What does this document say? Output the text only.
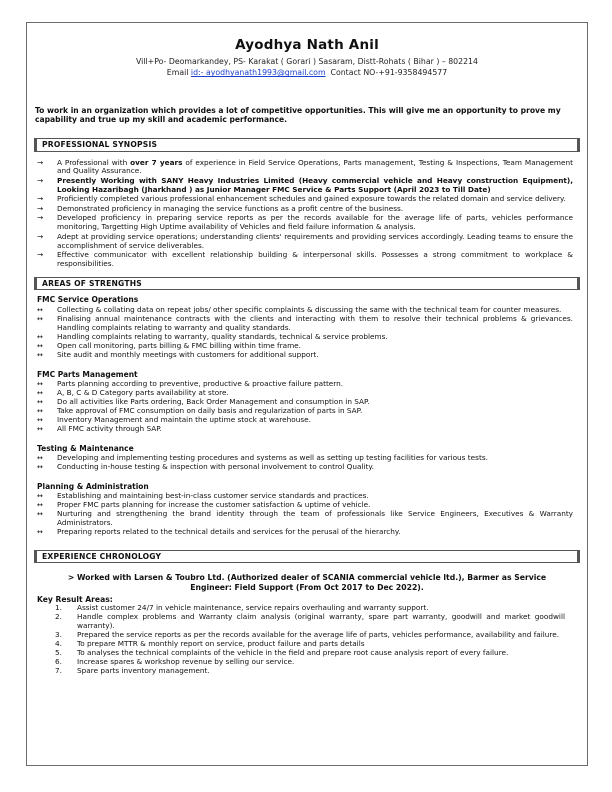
Ayodhya Nath Anil
Vill+Po- Deomarkandey, PS- Karakat ( Gorari ) Sasaram, Distt-Rohats ( Bihar ) – 802214
Email id:- ayodhyanath1993@gmail.com Contact NO-+91-9358494577
To work in an organization which provides a lot of competitive opportunities. This will give me an opportunity to prove my capability and true up my skill and academic performance.
PROFESSIONAL SYNOPSIS
→ A Professional with over 7 years of experience in Field Service Operations, Parts management, Testing & Inspections, Team Management and Quality Assurance.
→ Presently Working with SANY Heavy Industries Limited (Heavy commercial vehicle and Heavy construction Equipment), Looking Hazaribagh (Jharkhand ) as Junior Manager FMC Service & Parts Support (April 2023 to Till Date)
→ Proficiently completed various professional enhancement schedules and gained exposure towards the related domain and service delivery.
→ Demonstrated proficiency in managing the service functions as a profit centre of the business.
→ Developed proficiency in preparing service reports as per the records available for the average life of parts, vehicles performance monitoring, Targetting High Uptime availability of Vehicles and field failure information & analysis.
→ Adept at providing service operations; understanding clients' requirements and providing services accordingly. Leading teams to ensure the accomplishment of service deliverables.
→ Effective communicator with excellent relationship building & interpersonal skills. Possesses a strong commitment to workplace & responsibilities.
AREAS OF STRENGTHS
FMC Service Operations
↔ Collecting & collating data on repeat jobs/ other specific complaints & discussing the same with the technical team for counter measures.
↔ Finalising annual maintenance contracts with the clients and interacting with them to resolve their technical problems & grievances. Handling complaints relating to warranty and quality standards.
↔ Handling complaints relating to warranty, quality standards, technical & service problems.
↔ Open call monitoring, parts billing & FMC billing within time frame.
↔ Site audit and monthly meetings with customers for additional support.
FMC Parts Management
↔ Parts planning according to preventive, productive & proactive failure pattern.
↔ A, B, C & D Category parts availability at store.
↔ Do all activities like Parts ordering, Back Order Management and consumption in SAP.
↔ Take approval of FMC consumption on daily basis and regularization of parts in SAP.
↔ Inventory Management and maintain the uptime stock at warehouse.
↔ All FMC activity through SAP.
Testing & Maintenance
↔ Developing and implementing testing procedures and systems as well as setting up testing facilities for various tests.
↔ Conducting in-house testing & inspection with personal involvement to control Quality.
Planning & Administration
↔ Establishing and maintaining best-in-class customer service standards and practices.
↔ Proper FMC parts planning for increase the customer satisfaction & uptime of vehicle.
↔ Nurturing and strengthening the brand identity through the team of professionals like Service Engineers, Executives & Warranty Administrators.
↔ Preparing reports related to the technical details and services for the perusal of the hierarchy.
EXPERIENCE CHRONOLOGY
> Worked with Larsen & Toubro Ltd. (Authorized dealer of SCANIA commercial vehicle ltd.), Barmer as Service Engineer: Field Support (From Oct 2017 to Dec 2022).
Key Result Areas:
1. Assist customer 24/7 in vehicle maintenance, service repairs overhauling and warranty support.
2. Handle complex problems and Warranty claim analysis (original warranty, spare part warranty, goodwill and market goodwill warranty).
3. Prepared the service reports as per the records available for the average life of parts, vehicles performance, availability and failure.
4. To prepare MTTR & monthly report on service, product failure and parts details
5. To analyses the technical complaints of the vehicle in the field and prepare root cause analysis report of every failure.
6. Increase spares & workshop revenue by selling our service.
7. Spare parts inventory management.
